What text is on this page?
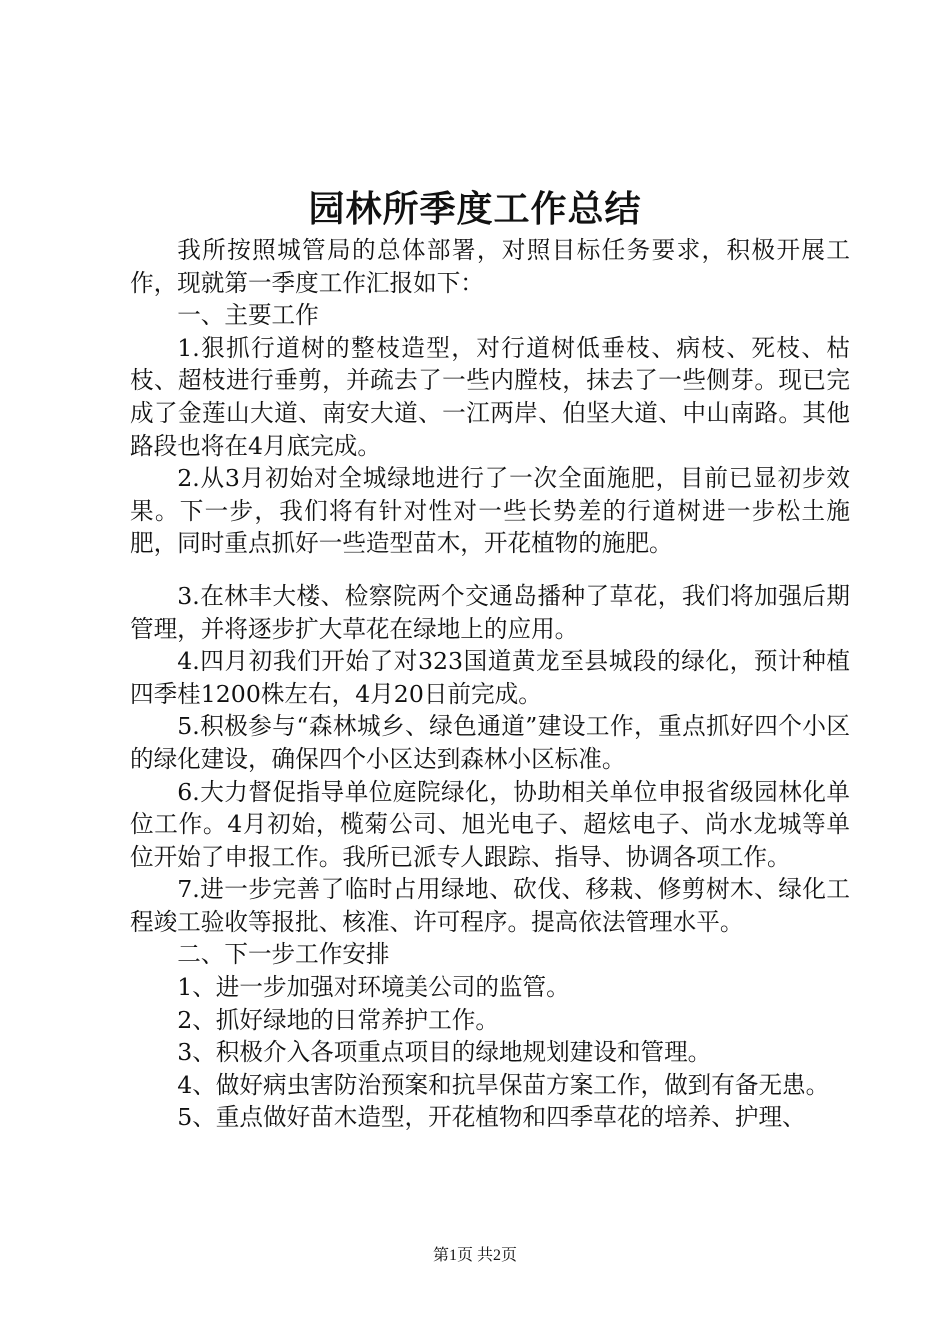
园林所季度工作总结

我所按照城管局的总体部署，对照目标任务要求，积极开展工作，现就第一季度工作汇报如下：

一、主要工作

1.狠抓行道树的整枝造型，对行道树低垂枝、病枝、死枝、枯枝、超枝进行垂剪，并疏去了一些内膛枝，抹去了一些侧芽。现已完成了金莲山大道、南安大道、一江两岸、伯坚大道、中山南路。其他路段也将在4月底完成。

2.从3月初始对全城绿地进行了一次全面施肥，目前已显初步效果。下一步，我们将有针对性对一些长势差的行道树进一步松土施肥，同时重点抓好一些造型苗木，开花植物的施肥。

3.在林丰大楼、检察院两个交通岛播种了草花，我们将加强后期管理，并将逐步扩大草花在绿地上的应用。

4.四月初我们开始了对323国道黄龙至县城段的绿化，预计种植四季桂1200株左右，4月20日前完成。

5.积极参与“森林城乡、绿色通道”建设工作，重点抓好四个小区的绿化建设，确保四个小区达到森林小区标准。

6.大力督促指导单位庭院绿化，协助相关单位申报省级园林化单位工作。4月初始，榄菊公司、旭光电子、超炫电子、尚水龙城等单位开始了申报工作。我所已派专人跟踪、指导、协调各项工作。

7.进一步完善了临时占用绿地、砍伐、移栽、修剪树木、绿化工程竣工验收等报批、核准、许可程序。提高依法管理水平。

二、下一步工作安排

1、进一步加强对环境美公司的监管。

2、抓好绿地的日常养护工作。

3、积极介入各项重点项目的绿地规划建设和管理。

4、做好病虫害防治预案和抗旱保苗方案工作，做到有备无患。

5、重点做好苗木造型，开花植物和四季草花的培养、护理、

第1页 共2页
